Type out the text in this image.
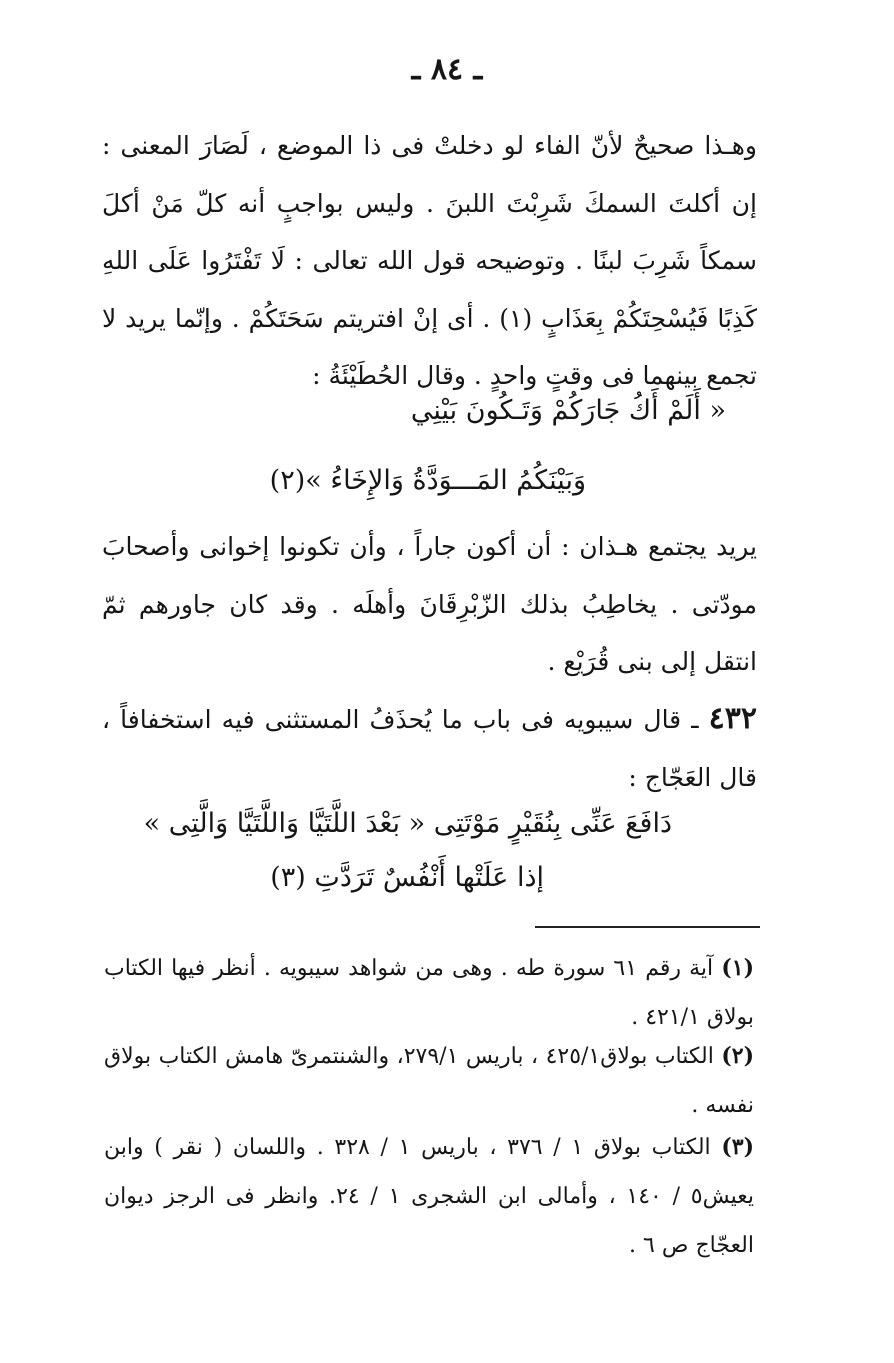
ـ ٨٤ ـ
وهـذا صحيحٌ لأنّ الفاء لو دخلتْ فى ذا الموضع ، لَصَارَ المعنى : إن أكلتَ السمكَ شَرِبْتَ اللبنَ . وليس بواجبٍ أنه كلّ مَنْ أكلَ سمكاً شَرِبَ لبنًا . وتوضيحه قول الله تعالى : لَا تَفْتَرُوا عَلَى اللهِ كَذِبًا فَيُسْحِتَكُمْ بِعَذَابٍ (١) . أى إنْ افتريتم سَحَتَكُمْ . وإنّما يريد لا تجمع بينهما فى وقتٍ واحدٍ . وقال الحُطَيْئَةُ :
« أَلَمْ أَكُ جَارَكُمْ وَتَـكُونَ بَيْنِي
وَبَيْنَكُمُ المَـــوَدَّةُ وَالإِخَاءُ »(٢)
يريد يجتمع هـذان : أن أكون جاراً ، وأن تكونوا إخوانى وأصحابَ مودّتى . يخاطِبُ بذلك الزّبْرِقَانَ وأهلَه . وقد كان جاورهم ثمّ انتقل إلى بنى قُرَيْع .
٤٣٢ ـ قال سيبويه فى باب ما يُحذَفُ المستثنى فيه استخفافاً ، قال العَجّاج :
دَافَعَ عَنِّى بِنُقَيْرٍ مَوْتَتِى « بَعْدَ اللَّتَيَّا وَاللَّتَيَّا وَالَّتِى »
إذا عَلَتْها أَنْفُسٌ تَرَدَّتِ (٣)
(١) آية رقم ٦١ سورة طه . وهى من شواهد سيبويه . أنظر فيها الكتاب بولاق ٤٢١/١ .
(٢) الكتاب بولاق٤٢٥/١ ، باريس ٢٧٩/١، والشنتمرىّ هامش الكتاب بولاق نفسه .
(٣) الكتاب بولاق ١ / ٣٧٦ ، باريس ١ / ٣٢٨ . واللسان ( نقر ) وابن يعيش٥ / ١٤٠ ، وأمالى ابن الشجرى ١ / ٢٤. وانظر فى الرجز ديوان العجّاج ص ٦ .
